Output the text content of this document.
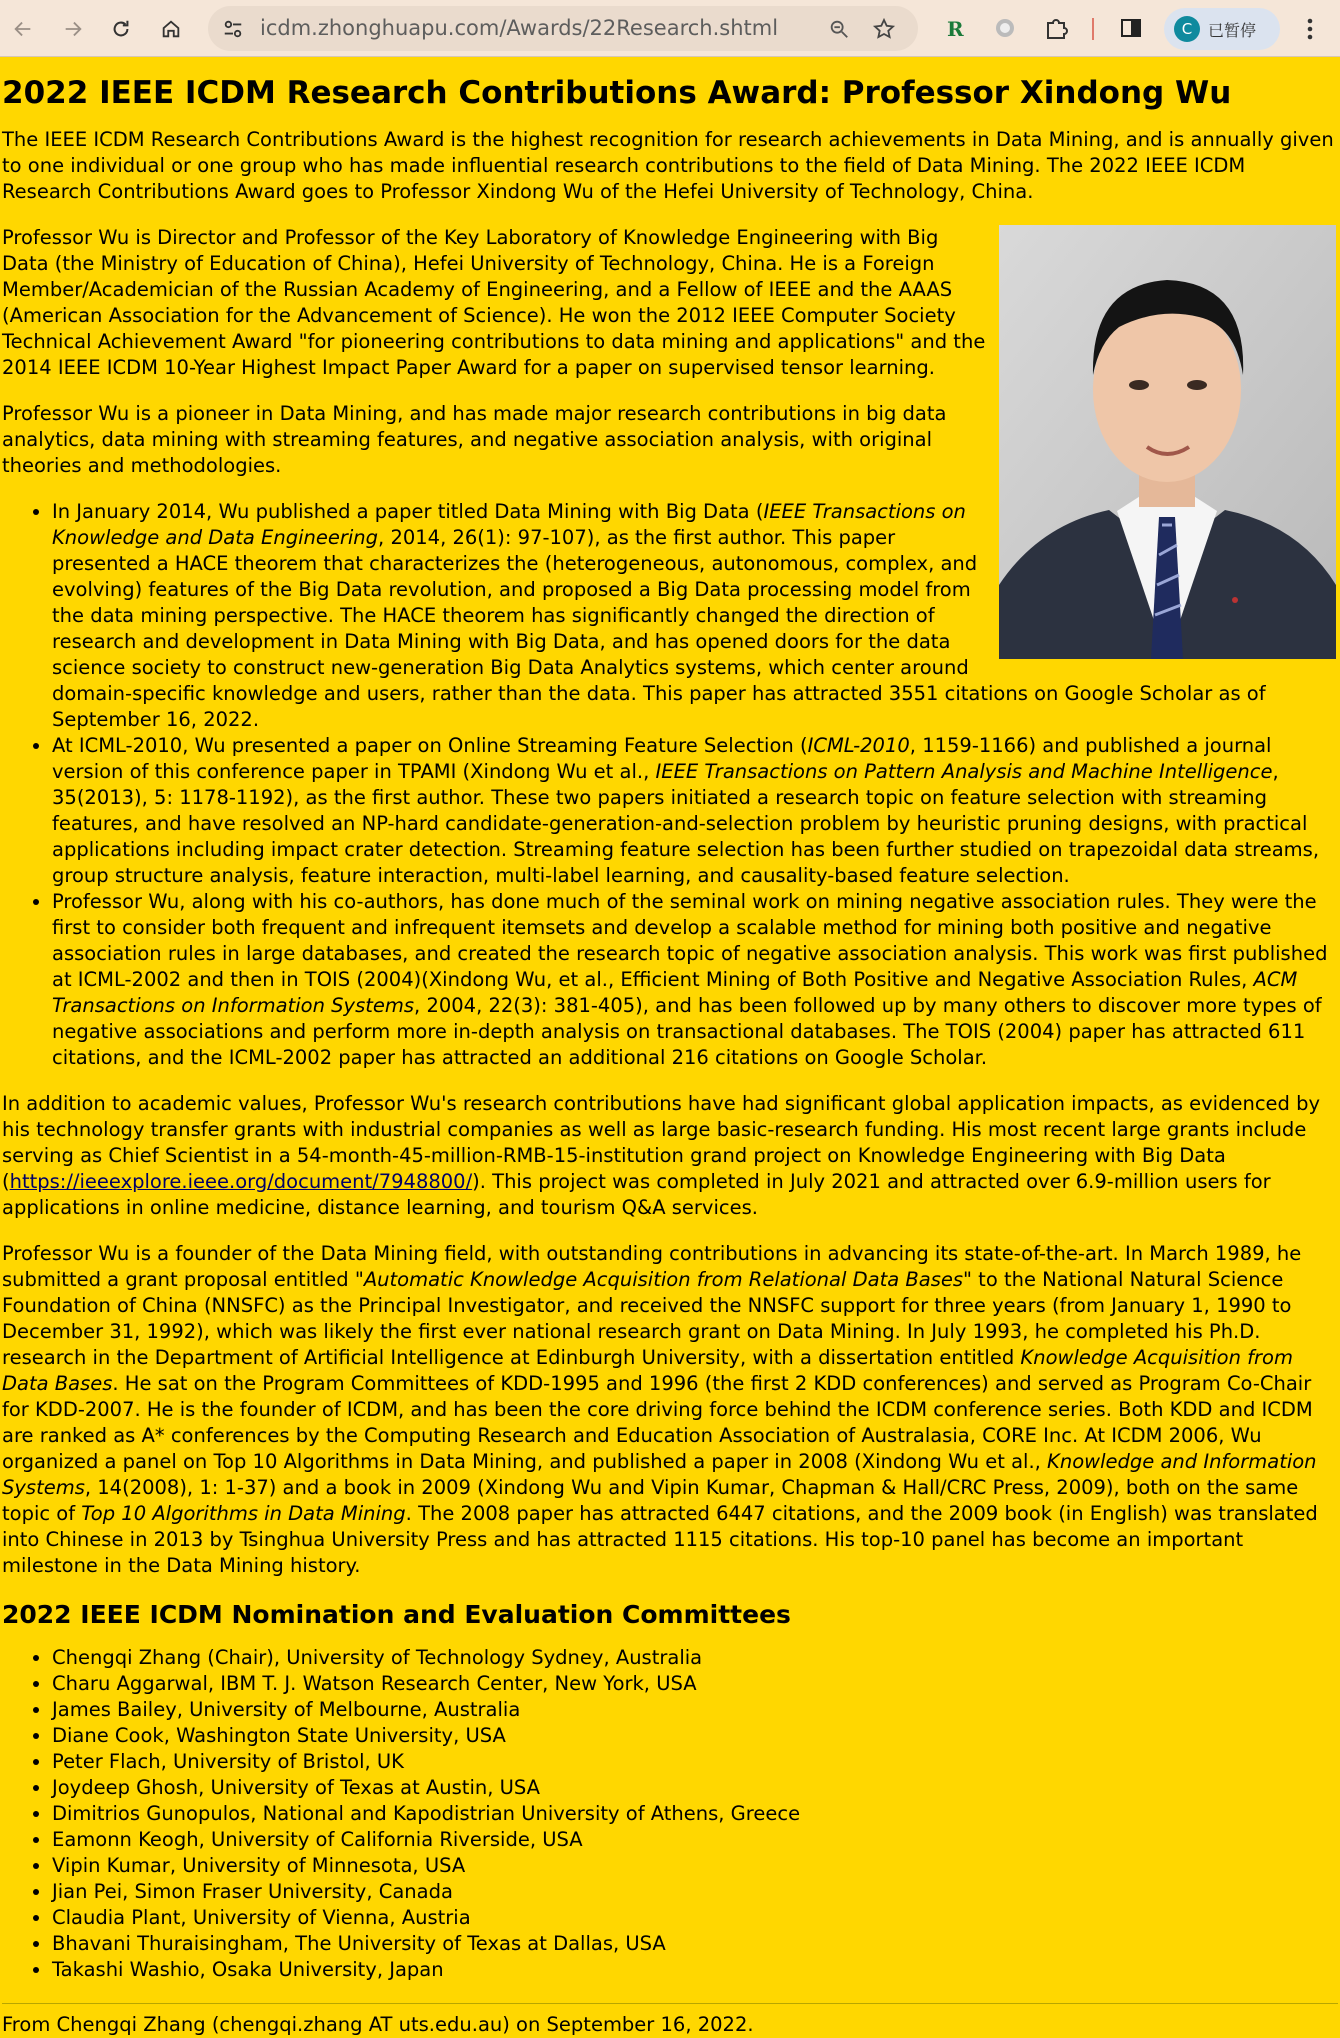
icdm.zhonghuapu.com/Awards/22Research.shtml	R	C 已暂停
2022 IEEE ICDM Research Contributions Award: Professor Xindong Wu

The IEEE ICDM Research Contributions Award is the highest recognition for research achievements in Data Mining, and is annually given to one individual or one group who has made influential research contributions to the field of Data Mining. The 2022 IEEE ICDM Research Contributions Award goes to Professor Xindong Wu of the Hefei University of Technology, China.

Professor Wu is Director and Professor of the Key Laboratory of Knowledge Engineering with Big Data (the Ministry of Education of China), Hefei University of Technology, China. He is a Foreign Member/Academician of the Russian Academy of Engineering, and a Fellow of IEEE and the AAAS (American Association for the Advancement of Science). He won the 2012 IEEE Computer Society Technical Achievement Award "for pioneering contributions to data mining and applications" and the 2014 IEEE ICDM 10-Year Highest Impact Paper Award for a paper on supervised tensor learning.

Professor Wu is a pioneer in Data Mining, and has made major research contributions in big data analytics, data mining with streaming features, and negative association analysis, with original theories and methodologies.

• In January 2014, Wu published a paper titled Data Mining with Big Data (IEEE Transactions on Knowledge and Data Engineering, 2014, 26(1): 97-107), as the first author. This paper presented a HACE theorem that characterizes the (heterogeneous, autonomous, complex, and evolving) features of the Big Data revolution, and proposed a Big Data processing model from the data mining perspective. The HACE theorem has significantly changed the direction of research and development in Data Mining with Big Data, and has opened doors for the data science society to construct new-generation Big Data Analytics systems, which center around domain-specific knowledge and users, rather than the data. This paper has attracted 3551 citations on Google Scholar as of September 16, 2022.
• At ICML-2010, Wu presented a paper on Online Streaming Feature Selection (ICML-2010, 1159-1166) and published a journal version of this conference paper in TPAMI (Xindong Wu et al., IEEE Transactions on Pattern Analysis and Machine Intelligence, 35(2013), 5: 1178-1192), as the first author. These two papers initiated a research topic on feature selection with streaming features, and have resolved an NP-hard candidate-generation-and-selection problem by heuristic pruning designs, with practical applications including impact crater detection. Streaming feature selection has been further studied on trapezoidal data streams, group structure analysis, feature interaction, multi-label learning, and causality-based feature selection.
• Professor Wu, along with his co-authors, has done much of the seminal work on mining negative association rules. They were the first to consider both frequent and infrequent itemsets and develop a scalable method for mining both positive and negative association rules in large databases, and created the research topic of negative association analysis. This work was first published at ICML-2002 and then in TOIS (2004)(Xindong Wu, et al., Efficient Mining of Both Positive and Negative Association Rules, ACM Transactions on Information Systems, 2004, 22(3): 381-405), and has been followed up by many others to discover more types of negative associations and perform more in-depth analysis on transactional databases. The TOIS (2004) paper has attracted 611 citations, and the ICML-2002 paper has attracted an additional 216 citations on Google Scholar.

In addition to academic values, Professor Wu's research contributions have had significant global application impacts, as evidenced by his technology transfer grants with industrial companies as well as large basic-research funding. His most recent large grants include serving as Chief Scientist in a 54-month-45-million-RMB-15-institution grand project on Knowledge Engineering with Big Data (https://ieeexplore.ieee.org/document/7948800/). This project was completed in July 2021 and attracted over 6.9-million users for applications in online medicine, distance learning, and tourism Q&A services.

Professor Wu is a founder of the Data Mining field, with outstanding contributions in advancing its state-of-the-art. In March 1989, he submitted a grant proposal entitled "Automatic Knowledge Acquisition from Relational Data Bases" to the National Natural Science Foundation of China (NNSFC) as the Principal Investigator, and received the NNSFC support for three years (from January 1, 1990 to December 31, 1992), which was likely the first ever national research grant on Data Mining. In July 1993, he completed his Ph.D. research in the Department of Artificial Intelligence at Edinburgh University, with a dissertation entitled Knowledge Acquisition from Data Bases. He sat on the Program Committees of KDD-1995 and 1996 (the first 2 KDD conferences) and served as Program Co-Chair for KDD-2007. He is the founder of ICDM, and has been the core driving force behind the ICDM conference series. Both KDD and ICDM are ranked as A* conferences by the Computing Research and Education Association of Australasia, CORE Inc. At ICDM 2006, Wu organized a panel on Top 10 Algorithms in Data Mining, and published a paper in 2008 (Xindong Wu et al., Knowledge and Information Systems, 14(2008), 1: 1-37) and a book in 2009 (Xindong Wu and Vipin Kumar, Chapman & Hall/CRC Press, 2009), both on the same topic of Top 10 Algorithms in Data Mining. The 2008 paper has attracted 6447 citations, and the 2009 book (in English) was translated into Chinese in 2013 by Tsinghua University Press and has attracted 1115 citations. His top-10 panel has become an important milestone in the Data Mining history.

2022 IEEE ICDM Nomination and Evaluation Committees
• Chengqi Zhang (Chair), University of Technology Sydney, Australia
• Charu Aggarwal, IBM T. J. Watson Research Center, New York, USA
• James Bailey, University of Melbourne, Australia
• Diane Cook, Washington State University, USA
• Peter Flach, University of Bristol, UK
• Joydeep Ghosh, University of Texas at Austin, USA
• Dimitrios Gunopulos, National and Kapodistrian University of Athens, Greece
• Eamonn Keogh, University of California Riverside, USA
• Vipin Kumar, University of Minnesota, USA
• Jian Pei, Simon Fraser University, Canada
• Claudia Plant, University of Vienna, Austria
• Bhavani Thuraisingham, The University of Texas at Dallas, USA
• Takashi Washio, Osaka University, Japan
From Chengqi Zhang (chengqi.zhang AT uts.edu.au) on September 16, 2022.
